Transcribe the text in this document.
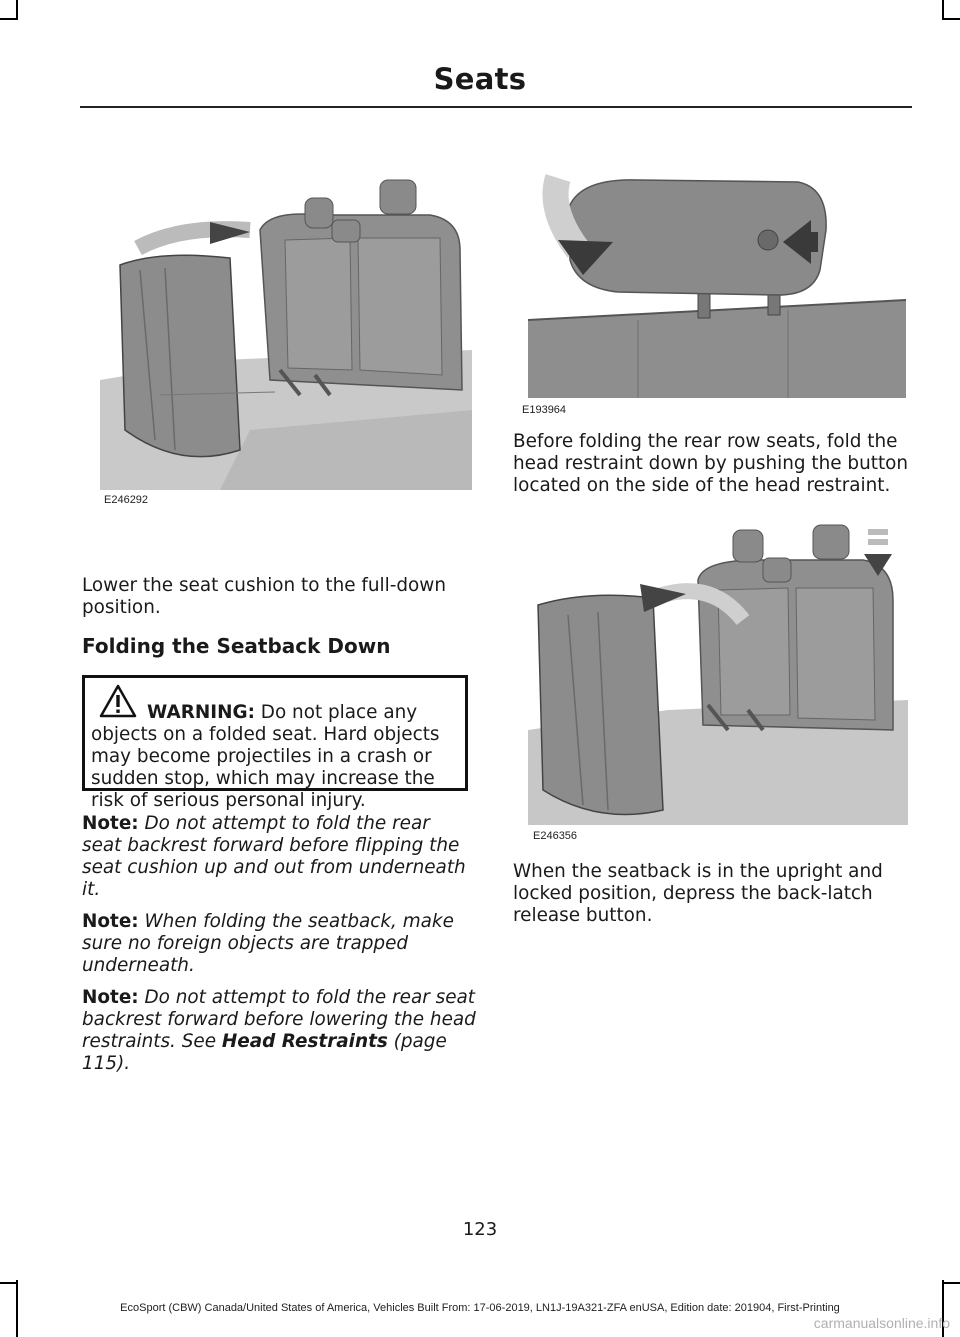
Seats
E246292
E193964
E246356

Lower the seat cushion to the full-down position.

Folding the Seatback Down

WARNING: Do not place any objects on a folded seat. Hard objects may become projectiles in a crash or sudden stop, which may increase the risk of serious personal injury.

Note: Do not attempt to fold the rear seat backrest forward before flipping the seat cushion up and out from underneath it.

Note: When folding the seatback, make sure no foreign objects are trapped underneath.

Note: Do not attempt to fold the rear seat backrest forward before lowering the head restraints. See Head Restraints (page 115).

Before folding the rear row seats, fold the head restraint down by pushing the button located on the side of the head restraint.

When the seatback is in the upright and locked position, depress the back-latch release button.

123
EcoSport (CBW) Canada/United States of America, Vehicles Built From: 17-06-2019, LN1J-19A321-ZFA enUSA, Edition date: 201904, First-Printing
carmanualsonline.info
